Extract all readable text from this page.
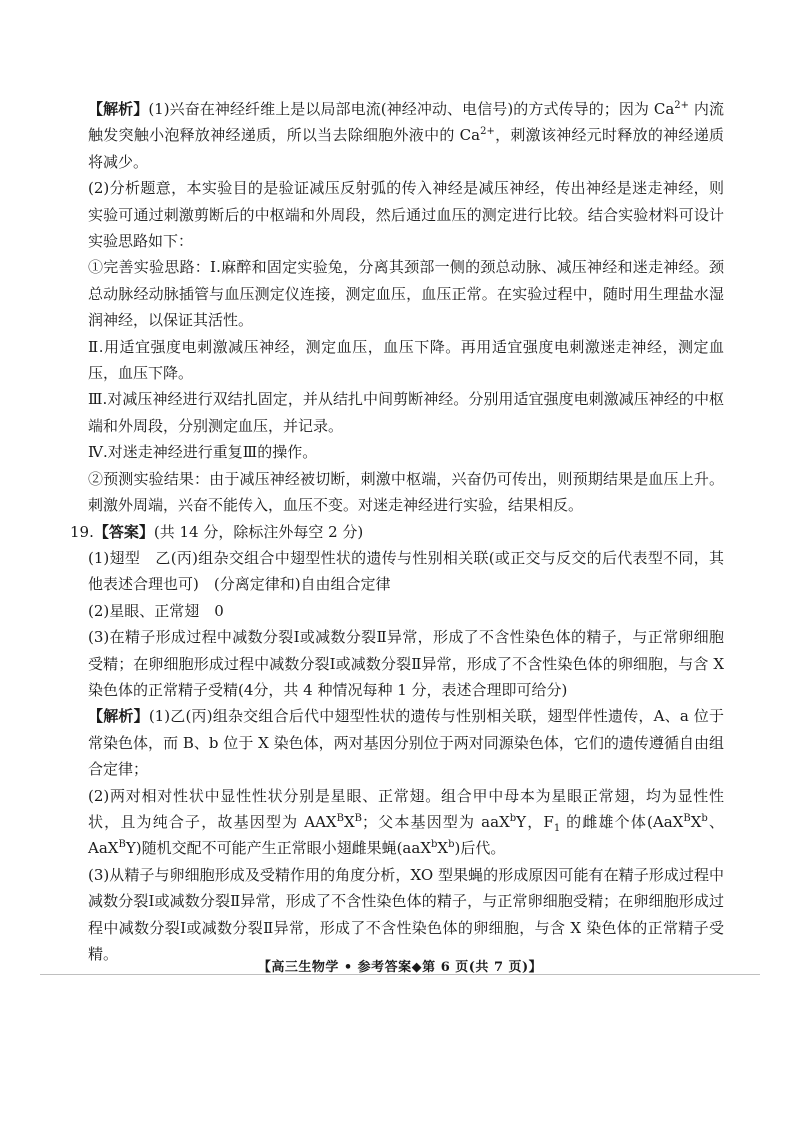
【解析】(1)兴奋在神经纤维上是以局部电流(神经冲动、电信号)的方式传导的；因为 $Ca^{2+}$ 内流触发突触小泡释放神经递质，所以当去除细胞外液中的 $Ca^{2+}$，刺激该神经元时释放的神经递质将减少。

(2)分析题意，本实验目的是验证减压反射弧的传入神经是减压神经，传出神经是迷走神经，则实验可通过刺激剪断后的中枢端和外周段，然后通过血压的测定进行比较。结合实验材料可设计实验思路如下：

①完善实验思路：Ⅰ.麻醉和固定实验兔，分离其颈部一侧的颈总动脉、减压神经和迷走神经。颈总动脉经动脉插管与血压测定仪连接，测定血压，血压正常。在实验过程中，随时用生理盐水湿润神经，以保证其活性。

Ⅱ.用适宜强度电刺激减压神经，测定血压，血压下降。再用适宜强度电刺激迷走神经，测定血压，血压下降。

Ⅲ.对减压神经进行双结扎固定，并从结扎中间剪断神经。分别用适宜强度电刺激减压神经的中枢端和外周段，分别测定血压，并记录。

Ⅳ.对迷走神经进行重复Ⅲ的操作。

②预测实验结果：由于减压神经被切断，刺激中枢端，兴奋仍可传出，则预期结果是血压上升。刺激外周端，兴奋不能传入，血压不变。对迷走神经进行实验，结果相反。

19.【答案】(共 14 分，除标注外每空 2 分)

(1)翅型　乙(丙)组杂交组合中翅型性状的遗传与性别相关联(或正交与反交的后代表型不同，其他表述合理也可)　(分离定律和)自由组合定律

(2)星眼、正常翅　0

(3)在精子形成过程中减数分裂Ⅰ或减数分裂Ⅱ异常，形成了不含性染色体的精子，与正常卵细胞受精；在卵细胞形成过程中减数分裂Ⅰ或减数分裂Ⅱ异常，形成了不含性染色体的卵细胞，与含 X 染色体的正常精子受精(4分，共 4 种情况每种 1 分，表述合理即可给分)

【解析】(1)乙(丙)组杂交组合后代中翅型性状的遗传与性别相关联，翅型伴性遗传，A、a 位于常染色体，而 B、b 位于 X 染色体，两对基因分别位于两对同源染色体，它们的遗传遵循自由组合定律；

(2)两对相对性状中显性性状分别是星眼、正常翅。组合甲中母本为星眼正常翅，均为显性性状，且为纯合子，故基因型为 $AAX^BX^B$；父本基因型为 aaX$^b$Y，$F_1$ 的雌雄个体($AaX^BX^b$、AaX$^B$Y)随机交配不可能产生正常眼小翅雌果蝇$(aaX^bX^b)$后代。

(3)从精子与卵细胞形成及受精作用的角度分析，XO 型果蝇的形成原因可能有在精子形成过程中减数分裂Ⅰ或减数分裂Ⅱ异常，形成了不含性染色体的精子，与正常卵细胞受精；在卵细胞形成过程中减数分裂Ⅰ或减数分裂Ⅱ异常，形成了不含性染色体的卵细胞，与含 X 染色体的正常精子受精。

【高三生物学 • 参考答案◆第 6 页(共 7 页)】
